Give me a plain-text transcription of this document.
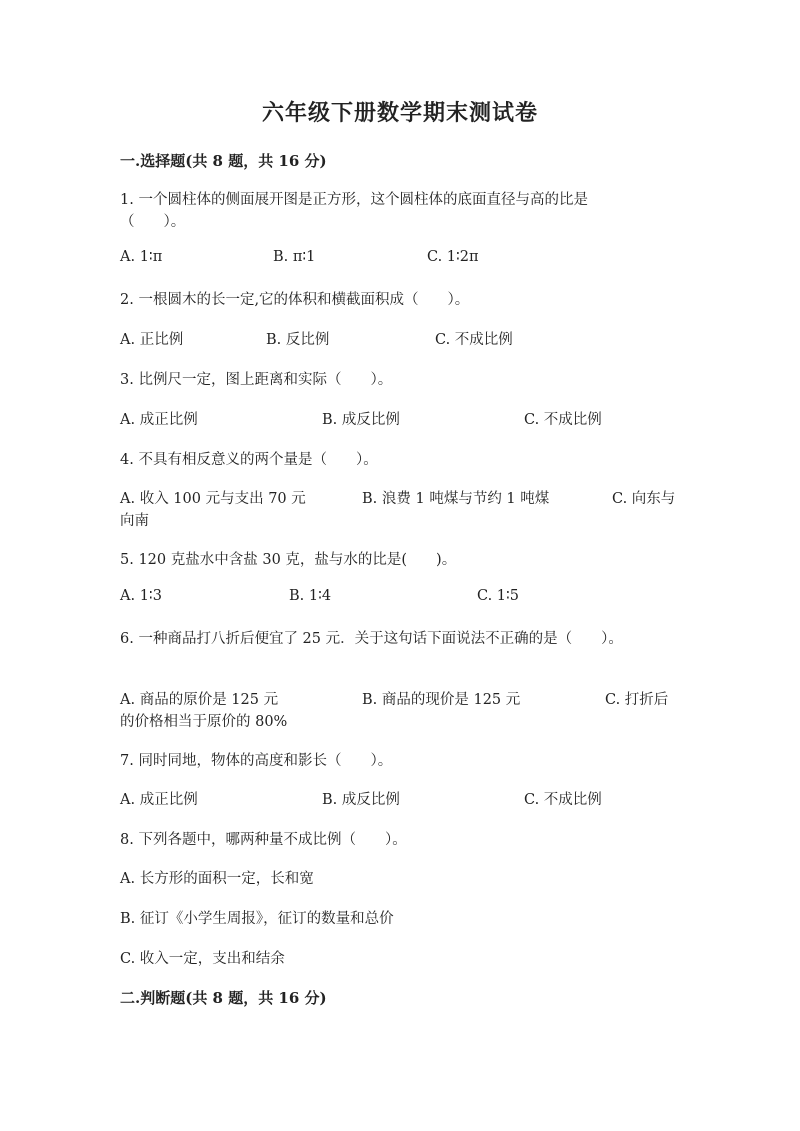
六年级下册数学期末测试卷
一.选择题(共 8 题，共 16 分)
1. 一个圆柱体的侧面展开图是正方形，这个圆柱体的底面直径与高的比是
（　　）。
A. 1∶π	B. π∶1	C. 1∶2π
2. 一根圆木的长一定,它的体积和横截面积成（　　）。
A. 正比例	B. 反比例	C. 不成比例
3. 比例尺一定，图上距离和实际（　　）。
A. 成正比例	B. 成反比例	C. 不成比例
4. 不具有相反意义的两个量是（　　）。
A. 收入 100 元与支出 70 元	B. 浪费 1 吨煤与节约 1 吨煤	C. 向东与
向南
5. 120 克盐水中含盐 30 克，盐与水的比是(　　)。
A. 1∶3	B. 1∶4	C. 1∶5
6. 一种商品打八折后便宜了 25 元．关于这句话下面说法不正确的是（　　）。
A. 商品的原价是 125 元	B. 商品的现价是 125 元	C. 打折后
的价格相当于原价的 80%
7. 同时同地，物体的高度和影长（　　）。
A. 成正比例	B. 成反比例	C. 不成比例
8. 下列各题中，哪两种量不成比例（　　）。
A. 长方形的面积一定，长和宽
B. 征订《小学生周报》，征订的数量和总价
C. 收入一定，支出和结余
二.判断题(共 8 题，共 16 分)
